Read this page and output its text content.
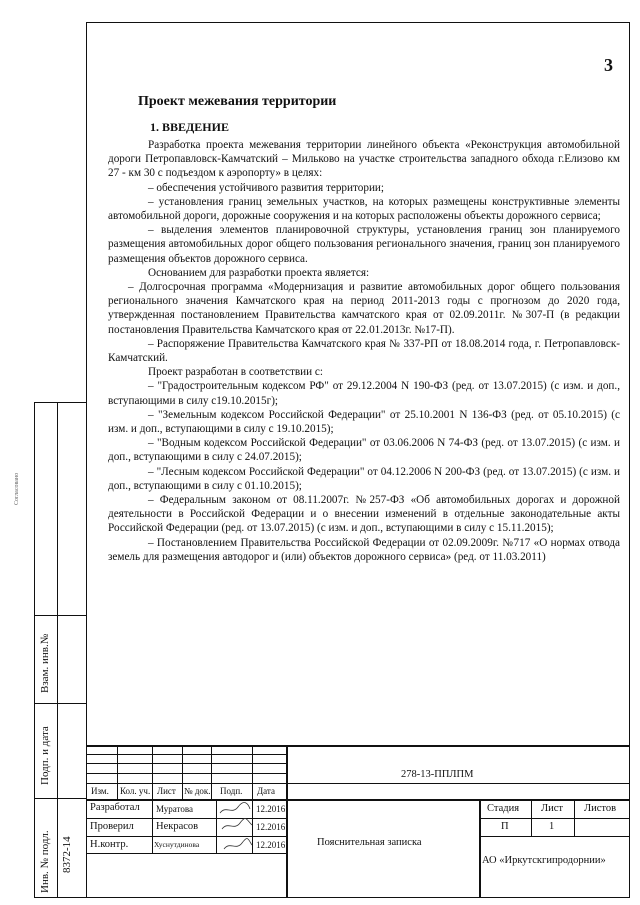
3
Проект межевания территории
1. ВВЕДЕНИЕ

Разработка проекта межевания территории линейного объекта «Реконструкция автомобильной дороги Петропавловск-Камчатский – Мильково на участке строительства западного обхода г.Елизово км 27 - км 30 с подъездом к аэропорту» в целях:

– обеспечения устойчивого развития территории;

– установления границ земельных участков, на которых размещены конструктивные элементы автомобильной дороги, дорожные сооружения и на которых расположены объекты дорожного сервиса;

– выделения элементов планировочной структуры, установления границ зон планируемого размещения автомобильных дорог общего пользования регионального значения, границ зон планируемого размещения объектов дорожного сервиса.

Основанием для разработки проекта является:

– Долгосрочная программа «Модернизация и развитие автомобильных дорог общего пользования регионального значения Камчатского края на период 2011-2013 годы с прогнозом до 2020 года, утвержденная постановлением Правительства камчатского края от 02.09.2011г. №307-П (в редакции постановления Правительства Камчатского края от 22.01.2013г. №17-П).

– Распоряжение Правительства Камчатского края № 337-РП от 18.08.2014 года, г. Петропавловск-Камчатский.

Проект разработан в соответствии с:

– "Градостроительным кодексом РФ" от 29.12.2004 N 190-ФЗ (ред. от 13.07.2015) (с изм. и доп., вступающими в силу с19.10.2015г);

– "Земельным кодексом Российской Федерации" от 25.10.2001 N 136-ФЗ (ред. от 05.10.2015) (с изм. и доп., вступающими в силу с 19.10.2015);

– "Водным кодексом Российской Федерации" от 03.06.2006 N 74-ФЗ (ред. от 13.07.2015) (с изм. и доп., вступающими в силу с 24.07.2015);

– "Лесным кодексом Российской Федерации" от 04.12.2006 N 200-ФЗ (ред. от 13.07.2015) (с изм. и доп., вступающими в силу с 01.10.2015);

– Федеральным законом от 08.11.2007г. №257-ФЗ «Об автомобильных дорогах и дорожной деятельности в Российской Федерации и о внесении изменений в отдельные законодательные акты Российской Федерации (ред. от 13.07.2015) (с изм. и доп., вступающими в силу с 15.11.2015);

– Постановлением Правительства Российской Федерации от 02.09.2009г. №717 «О нормах отвода земель для размещения автодорог и (или) объектов дорожного сервиса» (ред. от 11.03.2011)

Согласовано
Взам. инв.№
Подп. и дата
Инв. № подл. 8372-14
278-13-ППЛПМ
Изм. Кол. уч. Лист № док. Подп. Дата
Разработал Муратова	12.2016
Проверил Некрасов	12.2016
Н.контр.	Хуснутдинова	12.2016	Пояснительная записка
Стадия Лист Листов
П	1
АО «Иркутскгипродорнии»
